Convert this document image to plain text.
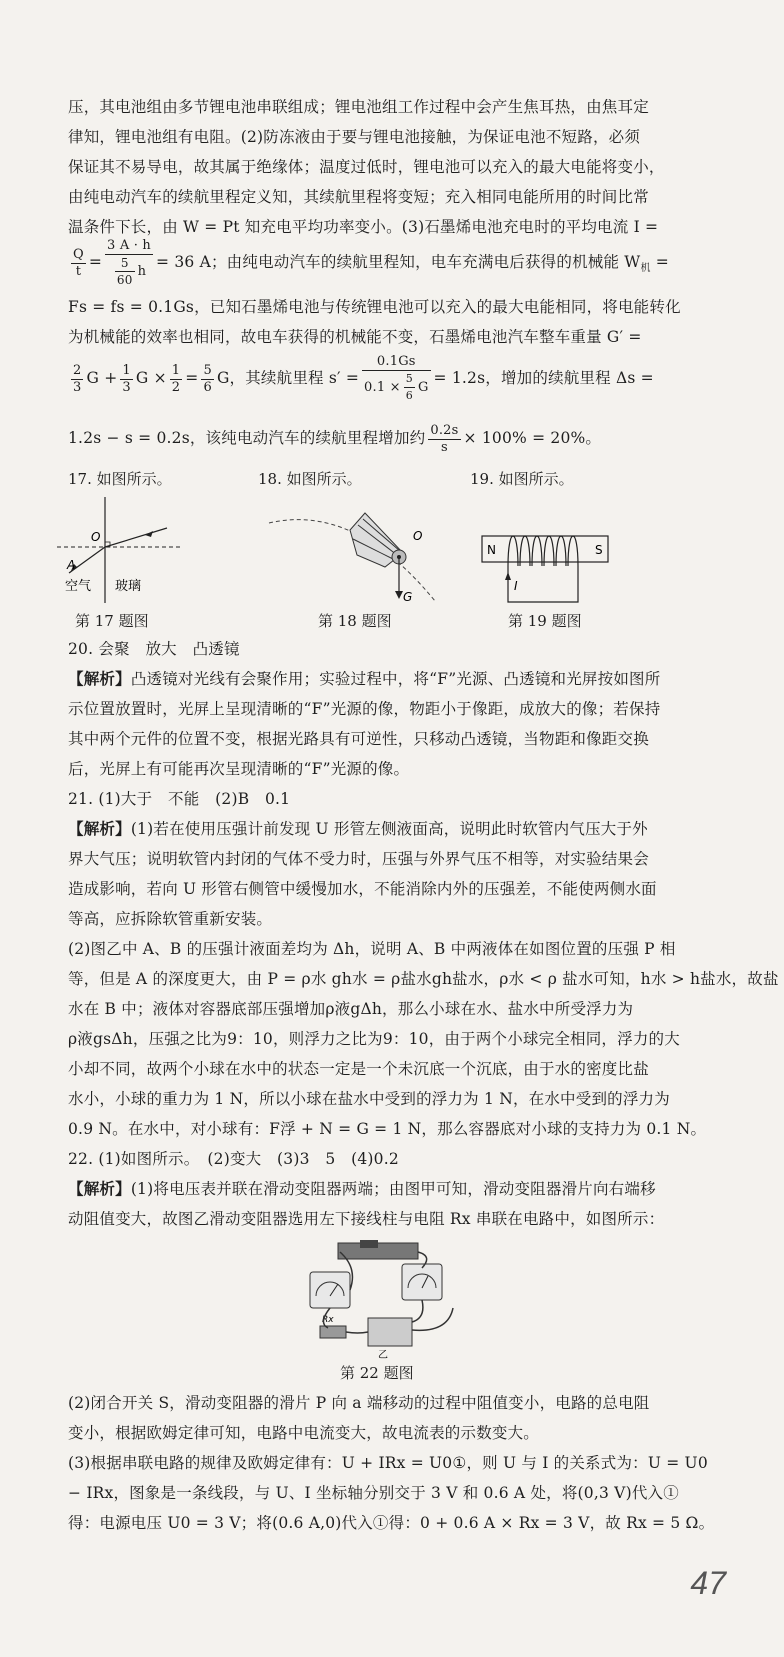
压，其电池组由多节锂电池串联组成；锂电池组工作过程中会产生焦耳热，由焦耳定
律知，锂电池组有电阻。(2)防冻液由于要与锂电池接触，为保证电池不短路，必须
保证其不易导电，故其属于绝缘体；温度过低时，锂电池可以充入的最大电能将变小，
由纯电动汽车的续航里程定义知，其续航里程将变短；充入相同电能所用的时间比常
温条件下长，由 W = Pt 知充电平均功率变小。(3)石墨烯电池充电时的平均电流 I =
$\frac{Q}{t} = \frac{3 A \cdot h}{\frac{5}{60} h} = 36$ A；由纯电动汽车的续航里程知，电车充满电后获得的机械能 $W_机$ =
Fs = fs = 0.1Gs，已知石墨烯电池与传统锂电池可以充入的最大电能相同，将电能转化
为机械能的效率也相同，故电车获得的机械能不变，石墨烯电池汽车整车重量 G′ =
$\frac{2}{3}$ $G + \frac{1}{3}$ $G \times \frac{1}{2} = \frac{5}{6}$ G，其续航里程 $s' = \frac{0.1Gs}{0.1 \times \frac{5}{6} G} = 1.2s$，增加的续航里程 Δs =
1.2s − s = 0.2s，该纯电动汽车的续航里程增加约 $\frac{0.2s}{s} \times 100\% = 20\%$。
17. 如图所示。	18. 如图所示。	19. 如图所示。
O
A
空气 玻璃
O
G
N	S
I
第 17 题图	第 18 题图	第 19 题图
20. 会聚　放大　凸透镜
【解析】凸透镜对光线有会聚作用；实验过程中，将“F”光源、凸透镜和光屏按如图所
示位置放置时，光屏上呈现清晰的“F”光源的像，物距小于像距，成放大的像；若保持
其中两个元件的位置不变，根据光路具有可逆性，只移动凸透镜，当物距和像距交换
后，光屏上有可能再次呈现清晰的“F”光源的像。
21. (1)大于　不能　(2)B　0.1
【解析】(1)若在使用压强计前发现 U 形管左侧液面高，说明此时软管内气压大于外
界大气压；说明软管内封闭的气体不受力时，压强与外界气压不相等，对实验结果会
造成影响，若向 U 形管右侧管中缓慢加水，不能消除内外的压强差，不能使两侧水面
等高，应拆除软管重新安装。
(2)图乙中 A、B 的压强计液面差均为 Δh，说明 A、B 中两液体在如图位置的压强 P 相
等，但是 A 的深度更大，由 P = ρ水 gh水 = ρ盐水gh盐水，ρ水 < ρ 盐水可知，h水 > h盐水，故盐
水在 B 中；液体对容器底部压强增加ρ液gΔh，那么小球在水、盐水中所受浮力为
ρ液gsΔh，压强之比为9：10，则浮力之比为9：10，由于两个小球完全相同，浮力的大
小却不同，故两个小球在水中的状态一定是一个未沉底一个沉底，由于水的密度比盐
水小，小球的重力为 1 N，所以小球在盐水中受到的浮力为 1 N，在水中受到的浮力为
0.9 N。在水中，对小球有：F浮 + N = G = 1 N，那么容器底对小球的支持力为 0.1 N。
22. (1)如图所示。　(2)变大　(3)3　5　(4)0.2
【解析】(1)将电压表并联在滑动变阻器两端；由图甲可知，滑动变阻器滑片向右端移
动阻值变大，故图乙滑动变阻器选用左下接线柱与电阻 Rx 串联在电路中，如图所示：
Rx
乙
第 22 题图
(2)闭合开关 S，滑动变阻器的滑片 P 向 a 端移动的过程中阻值变小，电路的总电阻
变小，根据欧姆定律可知，电路中电流变大，故电流表的示数变大。
(3)根据串联电路的规律及欧姆定律有：U + IRx = U0①，则 U 与 I 的关系式为：U = U0
− IRx，图象是一条线段，与 U、I 坐标轴分别交于 3 V 和 0.6 A 处，将(0,3 V)代入①
得：电源电压 U0 = 3 V；将(0.6 A,0)代入①得：0 + 0.6 A × Rx = 3 V，故 Rx = 5 Ω。
47
